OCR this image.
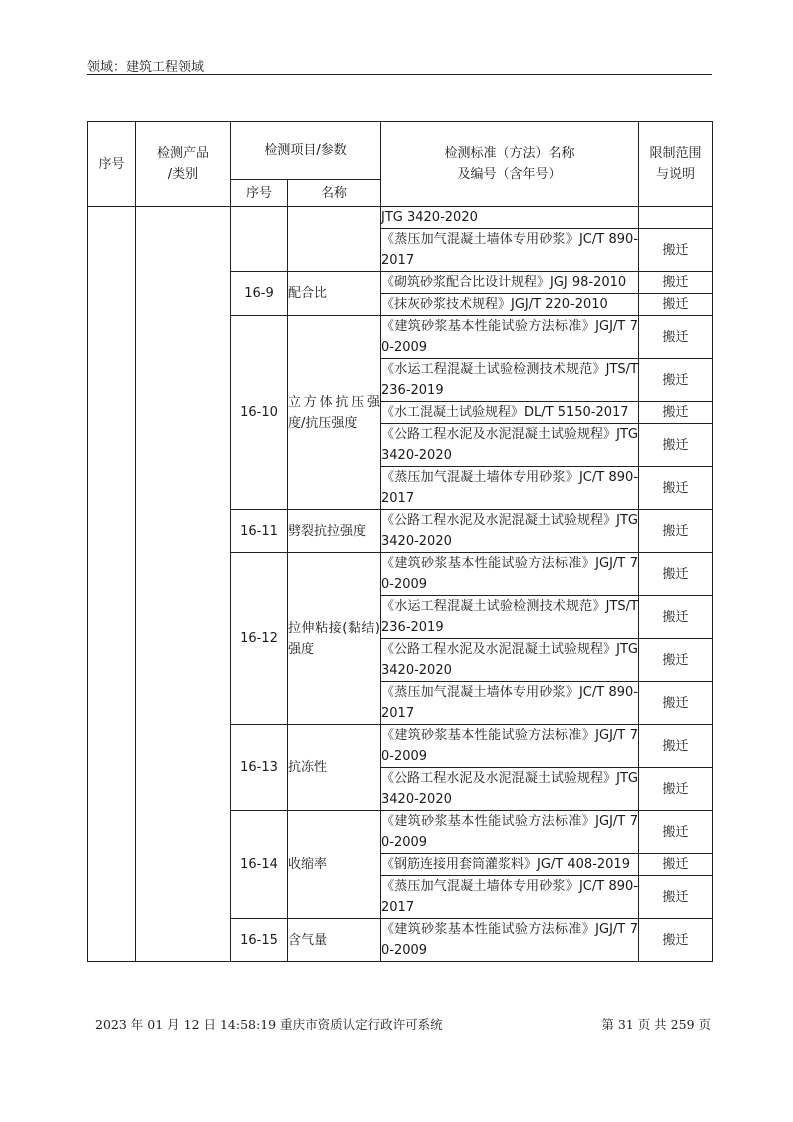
领域：建筑工程领域
序号	检测产品
/类别	检测项目/参数		检测标准（方法）名称
及编号（含年号）	限制范围
与说明

		序号	名称		
				JTG 3420-2020	
				《蒸压加气混凝土墙体专用砂浆》JC/T 890-2017	搬迁
		16-9	配合比	《砌筑砂浆配合比设计规程》JGJ 98-2010	搬迁
				《抹灰砂浆技术规程》JGJ/T 220-2010	搬迁
		16-10	立方体抗压强度/抗压强度	《建筑砂浆基本性能试验方法标准》JGJ/T 70-2009	搬迁
				《水运工程混凝土试验检测技术规范》JTS/T 236-2019	搬迁
				《水工混凝土试验规程》DL/T 5150-2017	搬迁
				《公路工程水泥及水泥混凝土试验规程》JTG 3420-2020	搬迁
				《蒸压加气混凝土墙体专用砂浆》JC/T 890-2017	搬迁
		16-11	劈裂抗拉强度	《公路工程水泥及水泥混凝土试验规程》JTG 3420-2020	搬迁
		16-12	拉伸粘接(黏结)强度	《建筑砂浆基本性能试验方法标准》JGJ/T 70-2009	搬迁
				《水运工程混凝土试验检测技术规范》JTS/T 236-2019	搬迁
				《公路工程水泥及水泥混凝土试验规程》JTG 3420-2020	搬迁
				《蒸压加气混凝土墙体专用砂浆》JC/T 890-2017	搬迁
		16-13	抗冻性	《建筑砂浆基本性能试验方法标准》JGJ/T 70-2009	搬迁
				《公路工程水泥及水泥混凝土试验规程》JTG 3420-2020	搬迁
		16-14	收缩率	《建筑砂浆基本性能试验方法标准》JGJ/T 70-2009	搬迁
				《钢筋连接用套筒灌浆料》JG/T 408-2019	搬迁
				《蒸压加气混凝土墙体专用砂浆》JC/T 890-2017	搬迁
		16-15	含气量	《建筑砂浆基本性能试验方法标准》JGJ/T 70-2009	搬迁
2023 年 01 月 12 日 14:58:19 重庆市资质认定行政许可系统	第 31 页 共 259 页
